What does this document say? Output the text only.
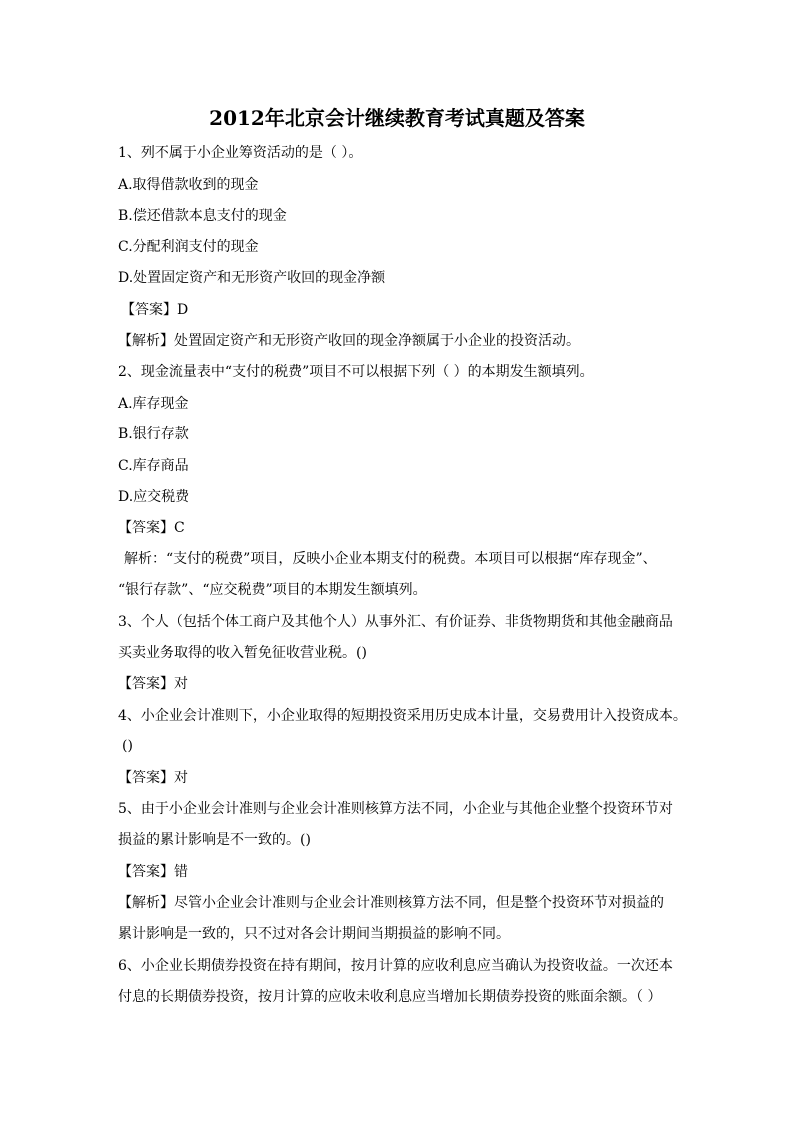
2012年北京会计继续教育考试真题及答案
1、列不属于小企业筹资活动的是（ ）。
A.取得借款收到的现金
B.偿还借款本息支付的现金
C.分配利润支付的现金
D.处置固定资产和无形资产收回的现金净额
【答案】D
【解析】处置固定资产和无形资产收回的现金净额属于小企业的投资活动。
2、现金流量表中“支付的税费”项目不可以根据下列（ ）的本期发生额填列。
A.库存现金
B.银行存款
C.库存商品
D.应交税费
【答案】C
解析：“支付的税费”项目，反映小企业本期支付的税费。本项目可以根据“库存现金”、
“银行存款”、“应交税费”项目的本期发生额填列。
3、个人（包括个体工商户及其他个人）从事外汇、有价证券、非货物期货和其他金融商品
买卖业务取得的收入暂免征收营业税。()
【答案】对
4、小企业会计准则下，小企业取得的短期投资采用历史成本计量，交易费用计入投资成本。
()
【答案】对
5、由于小企业会计准则与企业会计准则核算方法不同，小企业与其他企业整个投资环节对
损益的累计影响是不一致的。()
【答案】错
【解析】尽管小企业会计准则与企业会计准则核算方法不同，但是整个投资环节对损益的
累计影响是一致的，只不过对各会计期间当期损益的影响不同。
6、小企业长期债券投资在持有期间，按月计算的应收利息应当确认为投资收益。一次还本
付息的长期债券投资，按月计算的应收未收利息应当增加长期债券投资的账面余额。（ ）
